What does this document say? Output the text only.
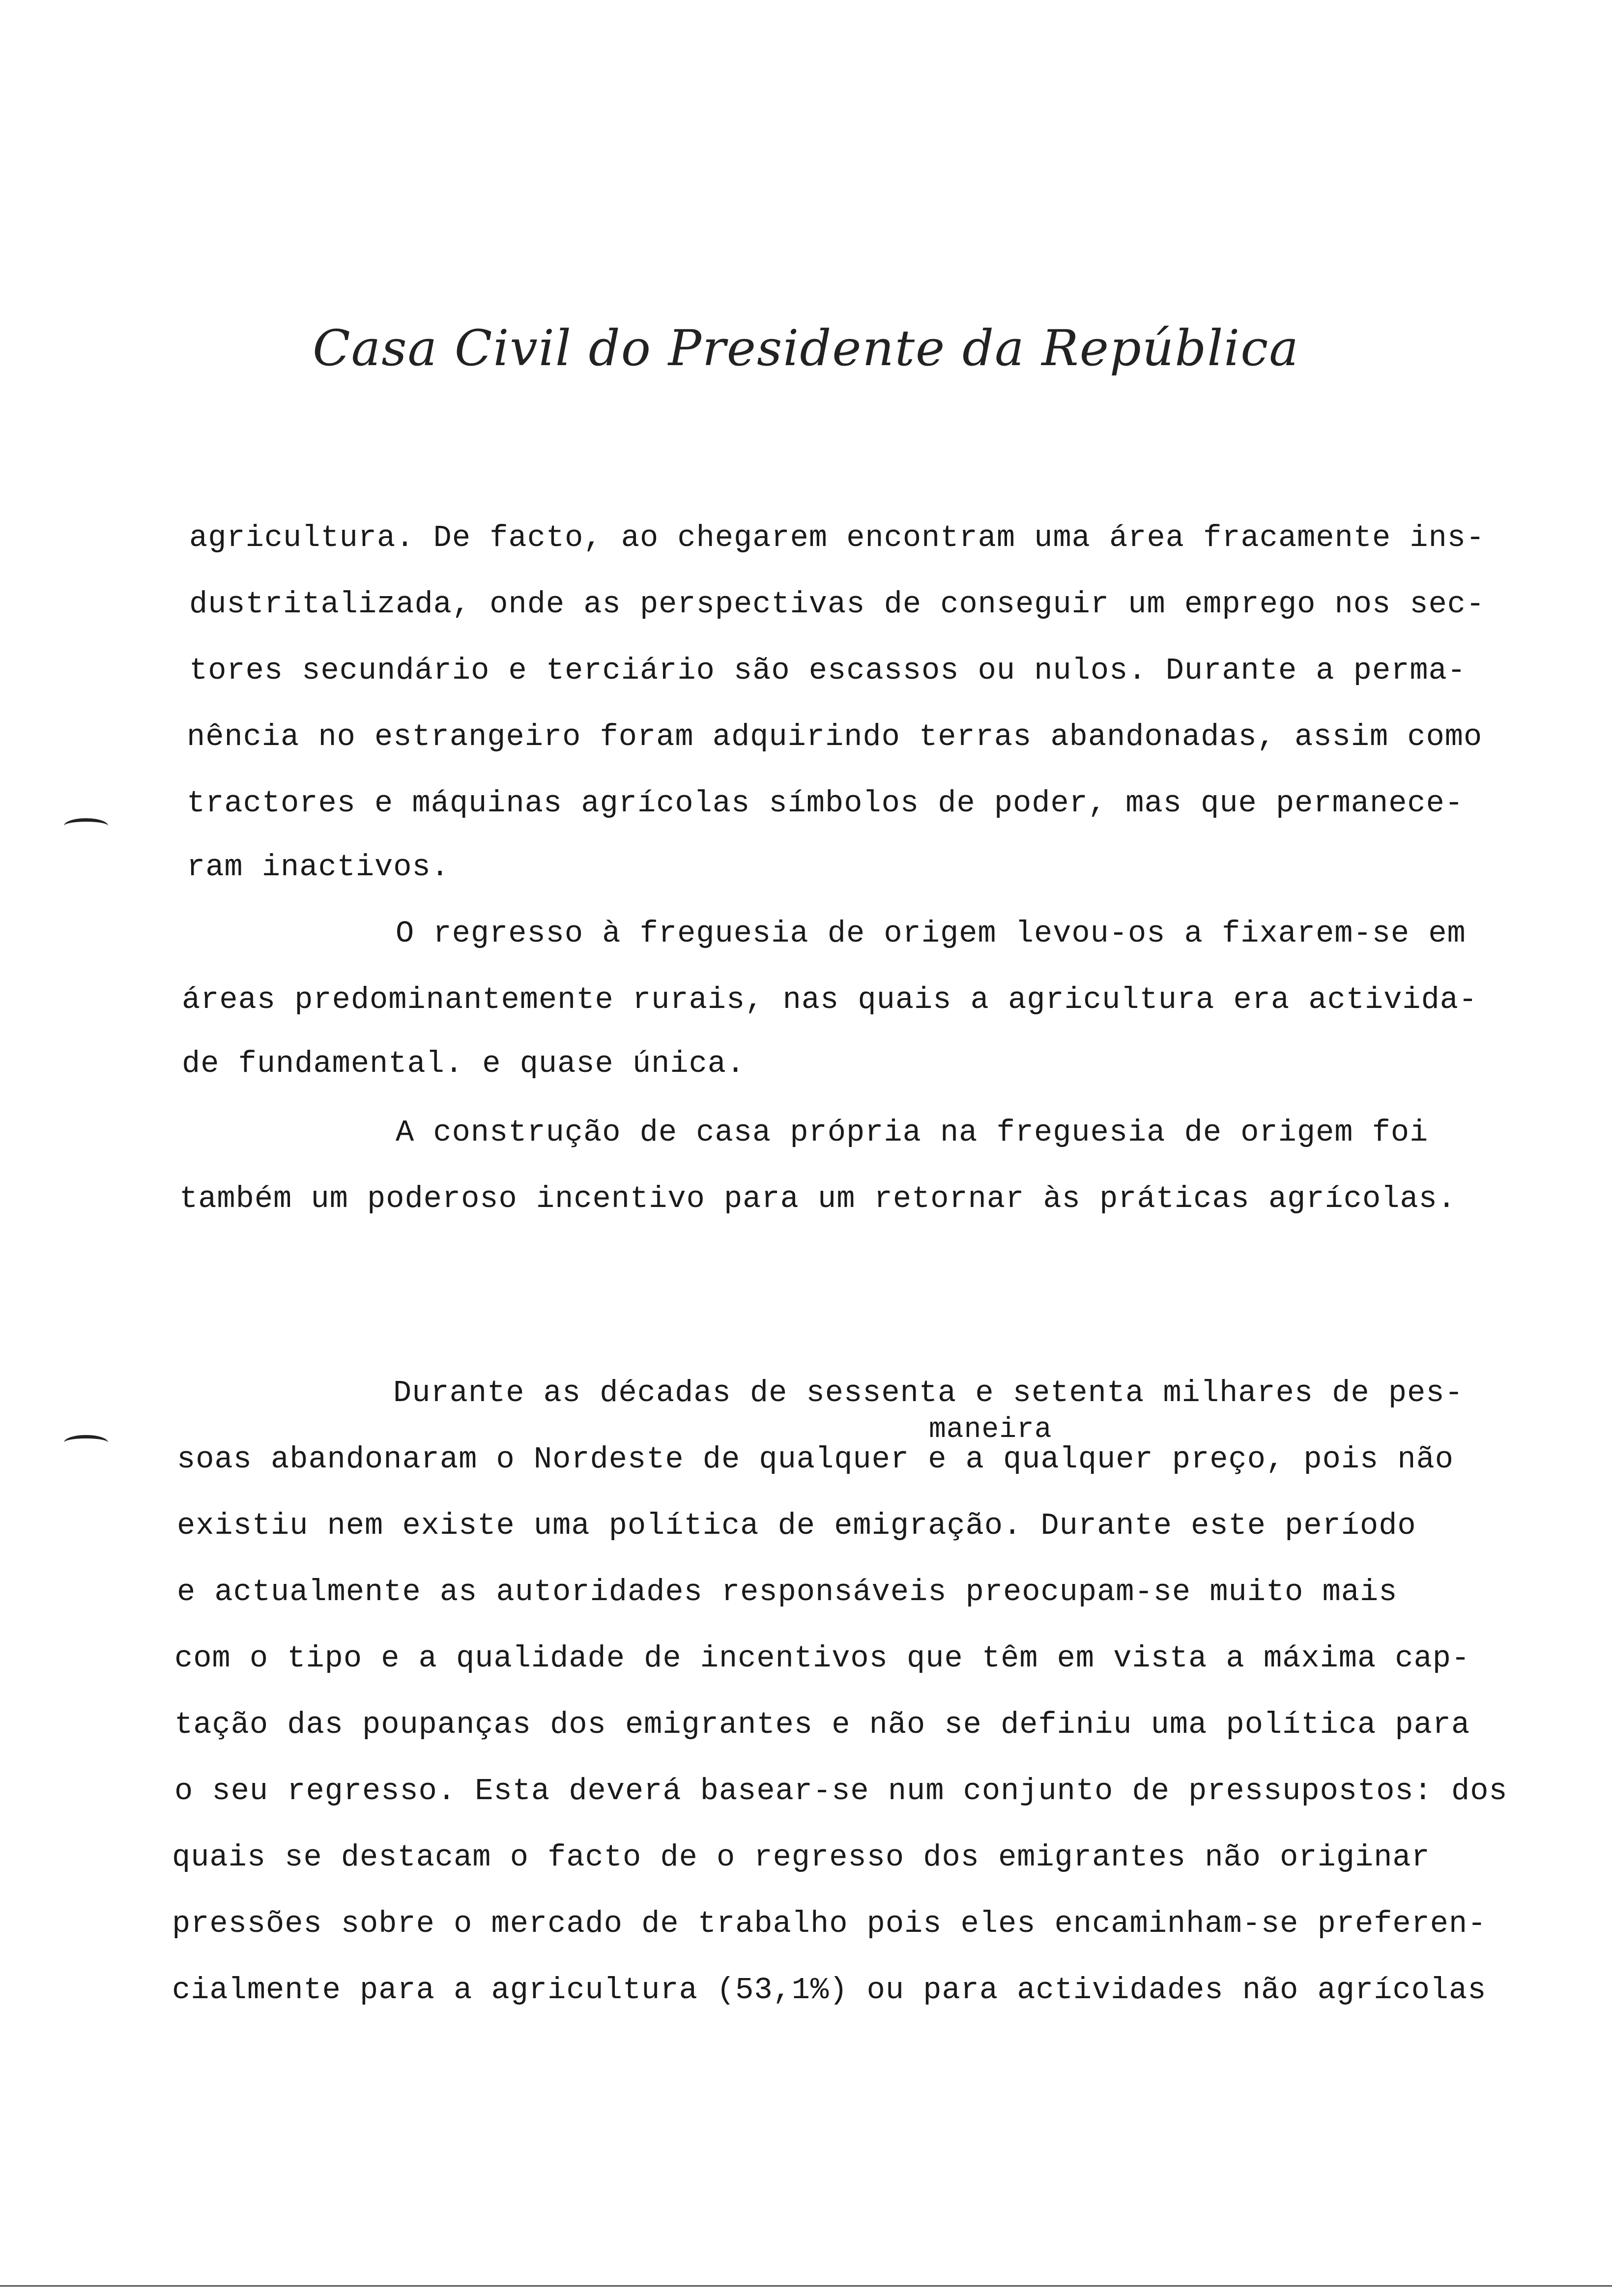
Casa Civil do Presidente da República
agricultura. De facto, ao chegarem encontram uma área fracamente ins-
dustritalizada, onde as perspectivas de conseguir um emprego nos sec-
tores secundário e terciário são escassos ou nulos. Durante a perma-
nência no estrangeiro foram adquirindo terras abandonadas, assim como
tractores e máquinas agrícolas símbolos de poder, mas que permanece-
ram inactivos.
O regresso à freguesia de origem levou-os a fixarem-se em
áreas predominantemente rurais, nas quais a agricultura era activida-
de fundamental. e quase única.
A construção de casa própria na freguesia de origem foi
também um poderoso incentivo para um retornar às práticas agrícolas.
Durante as décadas de sessenta e setenta milhares de pes-
maneira
soas abandonaram o Nordeste de qualquer e a qualquer preço, pois não
existiu nem existe uma política de emigração. Durante este período
e actualmente as autoridades responsáveis preocupam-se muito mais
com o tipo e a qualidade de incentivos que têm em vista a máxima cap-
tação das poupanças dos emigrantes e não se definiu uma política para
o seu regresso. Esta deverá basear-se num conjunto de pressupostos: dos
quais se destacam o facto de o regresso dos emigrantes não originar
pressões sobre o mercado de trabalho pois eles encaminham-se preferen-
cialmente para a agricultura (53,1%) ou para actividades não agrícolas
